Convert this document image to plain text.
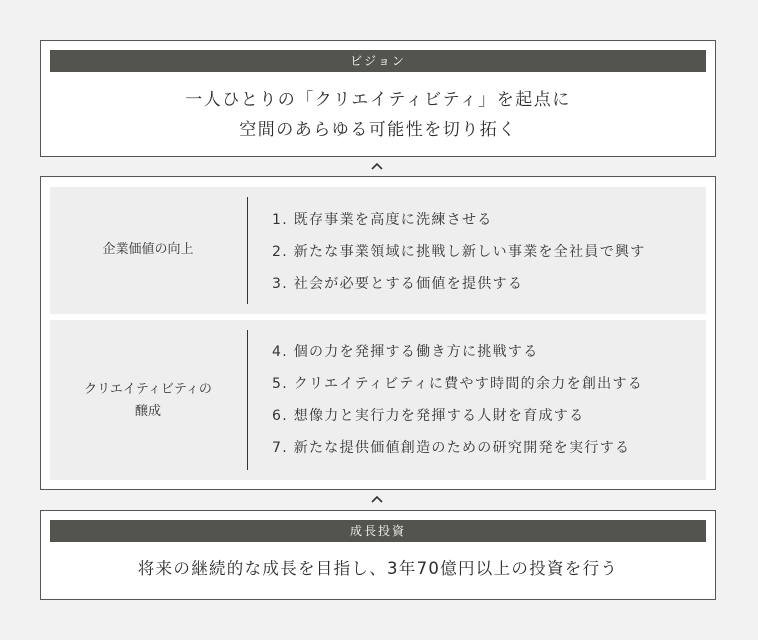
ビジョン
一人ひとりの「クリエイティビティ」を起点に
空間のあらゆる可能性を切り拓く
企業価値の向上
1. 既存事業を高度に洗練させる
2. 新たな事業領域に挑戦し新しい事業を全社員で興す
3. 社会が必要とする価値を提供する
クリエイティビティの
醸成
4. 個の力を発揮する働き方に挑戦する
5. クリエイティビティに費やす時間的余力を創出する
6. 想像力と実行力を発揮する人財を育成する
7. 新たな提供価値創造のための研究開発を実行する
成長投資
将来の継続的な成長を目指し、3年70億円以上の投資を行う
